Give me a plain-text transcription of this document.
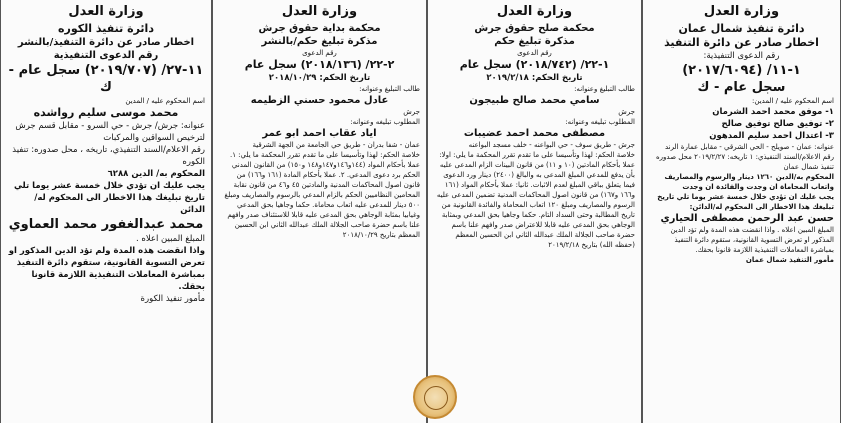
وزارة العدل
دائرة تنفيذ شمال عمان
اخطار صادر عن دائرة التنفيذ
رقم الدعوى التنفيذية:
١-١١/ (٢٠١٧/٦٠٩٤)
سجل عام - ك
اسم المحكوم عليه / المدين:
١- موفق محمد احمد الشرمان
٢- توفيق صالح توفيق صالح
٣- اعتدال احمد سليم المدهون
عنوانه: عمان - صويلح - الحي الشرقي - مقابل عمارة الرند
رقم الاعلام/السند التنفيذي: ١ تاريخه: ٢٠١٩/٢/٢٧ محل صدوره تنفيذ شمال عمان
المحكوم به/الدين ١٢٦٠ دينار والرسوم والمصاريف واتعاب المحاماة ان وجدت والفائدة ان وجدت
يجب عليك ان تؤدي خلال خمسة عشر يوما تلي تاريخ تبليغك هذا الاخطار الى المحكوم له/الدائن:
حسن عبد الرحمن مصطفى الحياري
المبلغ المبين اعلاه . واذا انقضت هذه المدة ولم تؤد الدين المذكور او تعرض التسوية القانونية، ستقوم دائرة التنفيذ بمباشرة المعاملات التنفيذية اللازمة قانونا بحقك.
مأمور التنفيذ شمال عمان
وزارة العدل
محكمة صلح حقوق جرش
مذكرة تبليغ حكم
رقم الدعوى
١-٢٢/ (٢٠١٨/٧٤٢) سجل عام
تاريخ الحكم: ٢٠١٩/٢/١٨
طالب التبليغ وعنوانه:
سامي محمد صالح طبيجون
جرش
المطلوب تبليغه وعنوانه:
مصطفى محمد احمد عضيبات
جرش - طريق سوف - حي البواعنه - خلف مسجد البواعنه
خلاصة الحكم: لهذا وتأسيسا على ما تقدم تقرر المحكمة ما يلي: اولا: عملا بأحكام المادتين (١٠ و ١١) من قانون البينات الزام المدعى عليه بأن يدفع للمدعي المبلغ المدعى به والبالغ (٢٤٠٠) دينار ورد الدعوى فيما يتعلق بباقي المبلغ لعدم الاثبات. ثانيا: عملا بأحكام المواد (١٦١ و١٦٦ و١٦٧) من قانون اصول المحاكمات المدنية تضمين المدعى عليه الرسوم والمصاريف ومبلغ ١٢٠ اتعاب المحاماة والفائدة القانونية من تاريخ المطالبة وحتى السداد التام. حكما وجاهيا بحق المدعي وبمثابة الوجاهي بحق المدعى عليه قابلا للاعتراض صدر وافهم علنا باسم حضرة صاحب الجلالة الملك عبدالله الثاني ابن الحسين المعظم (حفظه الله) بتاريخ ٢٠١٩/٢/١٨
وزارة العدل
محكمة بداية حقوق جرش
مذكرة تبليغ حكم/بالنشر
رقم الدعوى
٢-٢٢/ (٢٠١٨/١٣٦) سجل عام
تاريخ الحكم: ٢٠١٨/١٠/٢٩
طالب التبليغ وعنوانه:
عادل محمود حسني الزطيمه
جرش
المطلوب تبليغه وعنوانه:
اياد عقاب احمد ابو عمر
عمان - شفا بدران - طريق حي الجامعة من الجهة الشرقية
خلاصة الحكم: لهذا وتأسيسا على ما تقدم تقرر المحكمة ما يلي: ١. عملا بأحكام المواد (١٤٤و١٤٦و١٤٧و١٤٨ و١٥٠) من القانون المدني الحكم برد دعوى المدعي. ٢. عملا بأحكام المادة (١٦١ و١٦٦) من قانون اصول المحاكمات المدنية والمادتين ٤٥ و٤٦ من قانون نقابة المحامين النظاميين الحكم بالزام المدعي بالرسوم والمصاريف ومبلغ ٥٠٠ دينار للمدعى عليه اتعاب محاماة. حكما وجاهيا بحق المدعي وغيابيا بمثابة الوجاهي بحق المدعى عليه قابلا للاستئناف صدر وافهم علنا باسم حضرة صاحب الجلالة الملك عبدالله الثاني ابن الحسين المعظم بتاريخ ٢٠١٨/١٠/٢٩
وزارة العدل
دائرة تنفيذ الكوره
اخطار صادر عن دائرة التنفيذ/بالنشر
رقم الدعوى التنفيذية
١١-٢٧/ (٢٠١٩/٧٠٧) سجل عام - ك
اسم المحكوم عليه / المدين
محمد موسى سليم رواشده
عنوانه: جرش/ جرش - حي السرو - مقابل قسم جرش لترخيص السواقين والمركبات
رقم الاعلام/السند التنفيذي، تاريخه ، محل صدوره: تنفيذ الكوره
المحكوم به/ الدين ٦٢٨٨
يجب عليك ان تؤدي خلال خمسة عشر يوما تلي تاريخ تبليغك هذا الاخطار الى المحكوم له/ الدائن
محمد عبدالغفور محمد العماوي
المبلغ المبين اعلاه .
واذا انقضت هذه المدة ولم تؤد الدين المذكور او تعرض التسوية القانونية، ستقوم دائرة التنفيذ بمباشرة المعاملات التنفيذية اللازمة قانونا بحقك.
مأمور تنفيذ الكورة
